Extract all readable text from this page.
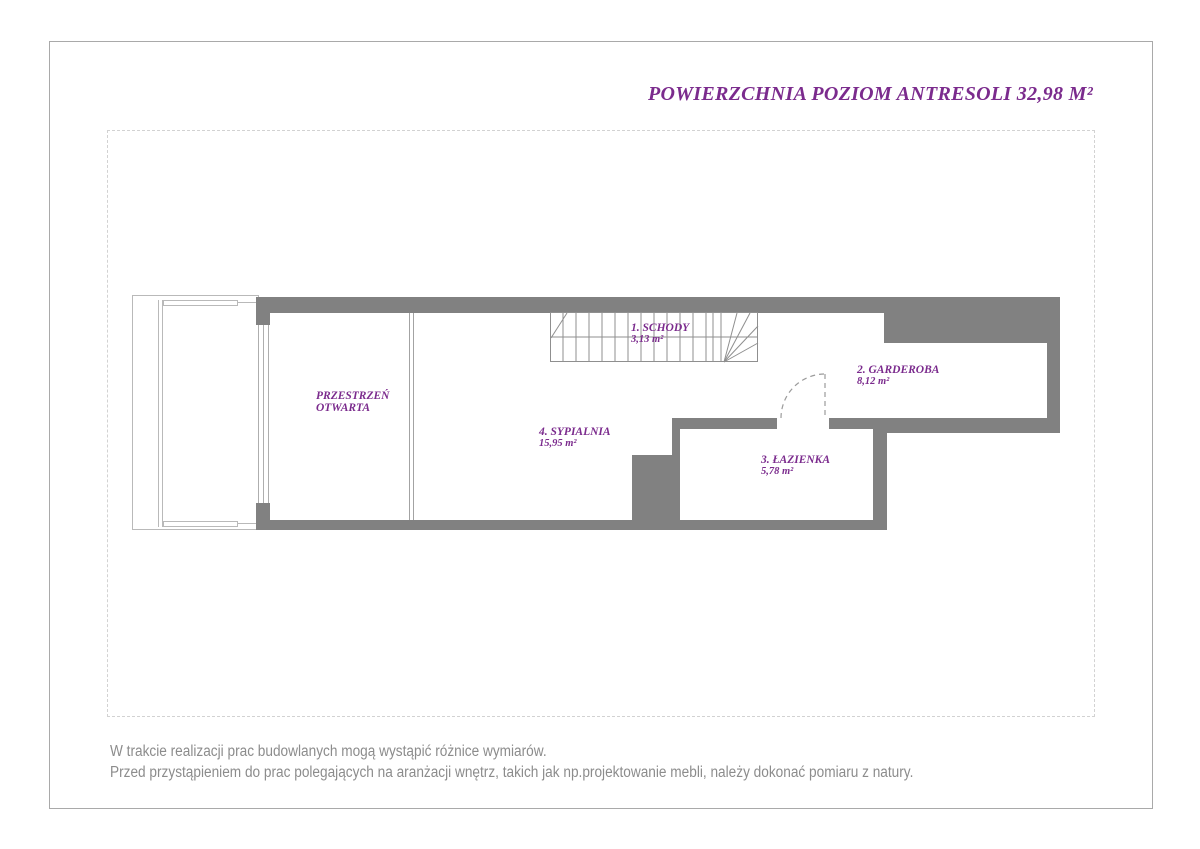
POWIERZCHNIA POZIOM ANTRESOLI 32,98 M²
PRZESTRZEŃ
OTWARTA
1. SCHODY
3,13 m²
2. GARDEROBA
8,12 m²
3. ŁAZIENKA
5,78 m²
4. SYPIALNIA
15,95 m²
W trakcie realizacji prac budowlanych mogą wystąpić różnice wymiarów.
Przed przystąpieniem do prac polegających na aranżacji wnętrz, takich jak np.projektowanie mebli, należy dokonać pomiaru z natury.
